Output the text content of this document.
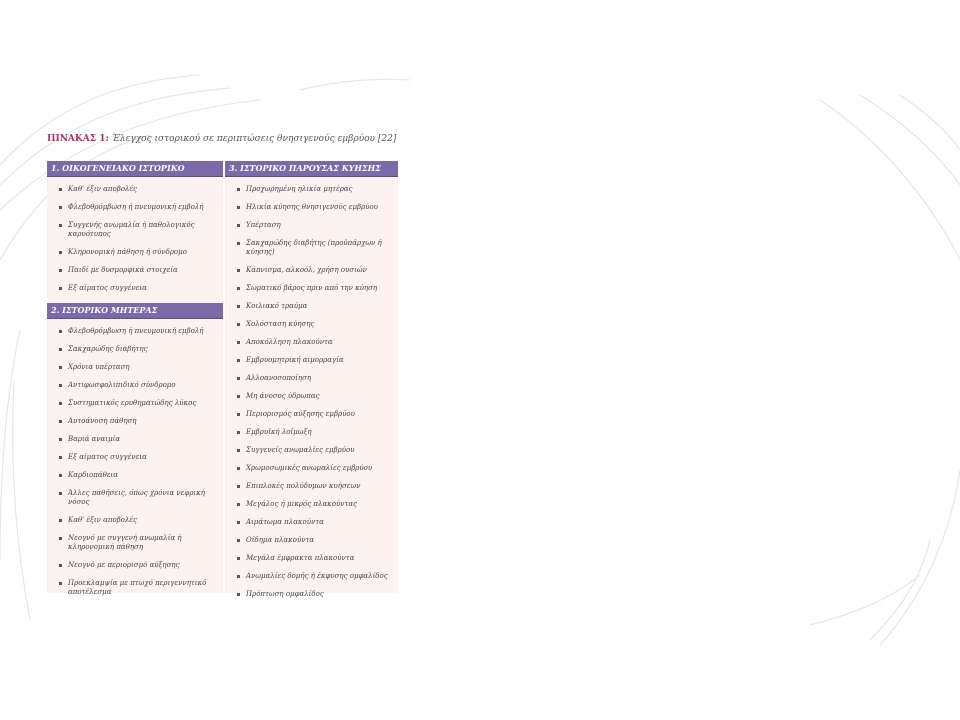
ΠΙΝΑΚΑΣ 1: Έλεγχος ιστορικού σε περιπτώσεις θνησιγενούς εμβρύου [22]
1. ΟΙΚΟΓΕΝΕΙΑΚΟ ΙΣΤΟΡΙΚΟ
Καθ' έξιν αποβολές
Φλεβοθρόμβωση ή πνευμονική εμβολή
Συγγενής ανωμαλία ή παθολογικός καρυότυπος
Κληρονομική πάθηση ή σύνδρομο
Παιδί με δυσμορφικά στοιχεία
Εξ αίματος συγγένεια
2. ΙΣΤΟΡΙΚΟ ΜΗΤΕΡΑΣ
Φλεβοθρόμβωση ή πνευμονική εμβολή
Σακχαρώδης διαβήτης
Χρόνια υπέρταση
Αντιφωσφολιπιδικό σύνδρομο
Συστηματικός ερυθηματώδης λύκος
Αυτοάνοση πάθηση
Βαριά αναιμία
Εξ αίματος συγγένεια
Καρδιοπάθεια
Άλλες παθήσεις, όπως χρόνια νεφρική νόσος
Καθ' έξιν αποβολές
Νεογνό με συγγενή ανωμαλία ή κληρονομική πάθηση
Νεογνό με περιορισμό αύξησης
Προεκλαμψία με πτωχό περιγεννητικό αποτέλεσμα
3. ΙΣΤΟΡΙΚΟ ΠΑΡΟΥΣΑΣ ΚΥΗΣΗΣ
Προχωρημένη ηλικία μητέρας
Ηλικία κύησης θνησιγενούς εμβρύου
Υπέρταση
Σακχαρώδης διαβήτης (προϋπάρχων ή κύησης)
Κάπνισμα, αλκοόλ, χρήση ουσιών
Σωματικό βάρος πριν από την κύηση
Κοιλιακό τραύμα
Χολόσταση κύησης
Αποκόλληση πλακούντα
Εμβρυομητρική αιμορραγία
Αλλοανοσοποίηση
Μη άνοσος ύδρωπας
Περιορισμός αύξησης εμβρύου
Εμβρυϊκή λοίμωξη
Συγγενείς ανωμαλίες εμβρύου
Χρωμοσωμικές ανωμαλίες εμβρύου
Επιπλοκές πολύδυμων κυήσεων
Μεγάλος ή μικρός πλακούντας
Αιμάτωμα πλακούντα
Οίδημα πλακούντα
Μεγάλα έμφρακτα πλακούντα
Ανωμαλίες δομής ή έκφυσης ομφαλίδος
Πρόπτωση ομφαλίδος
